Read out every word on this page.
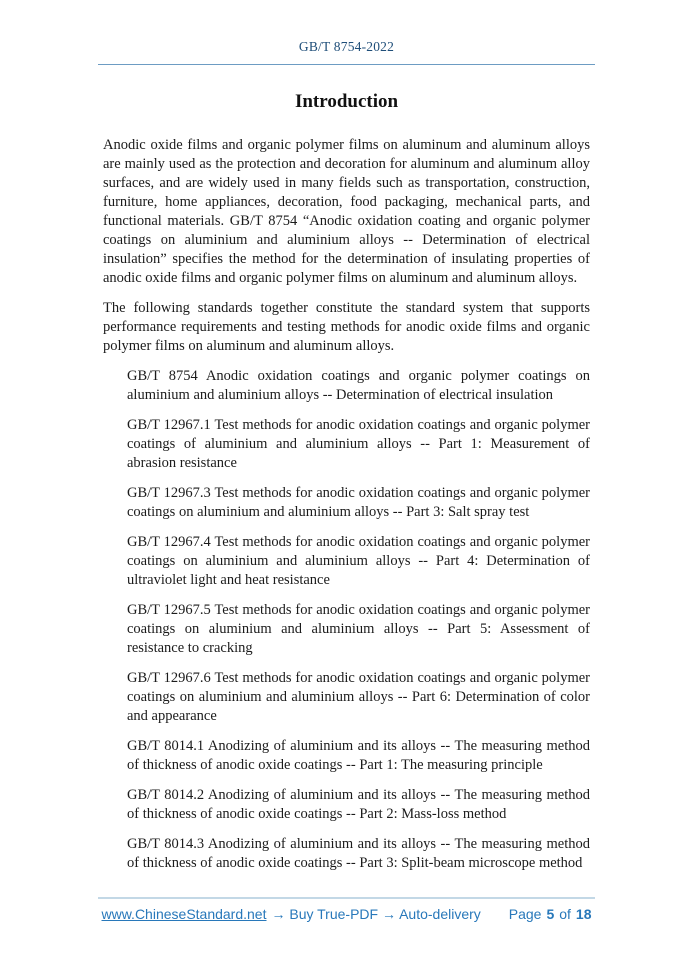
GB/T 8754-2022
Introduction

Anodic oxide films and organic polymer films on aluminum and aluminum alloys are mainly used as the protection and decoration for aluminum and aluminum alloy surfaces, and are widely used in many fields such as transportation, construction, furniture, home appliances, decoration, food packaging, mechanical parts, and functional materials. GB/T 8754 “Anodic oxidation coating and organic polymer coatings on aluminium and aluminium alloys -- Determination of electrical insulation” specifies the method for the determination of insulating properties of anodic oxide films and organic polymer films on aluminum and aluminum alloys.

The following standards together constitute the standard system that supports performance requirements and testing methods for anodic oxide films and organic polymer films on aluminum and aluminum alloys.

GB/T 8754 Anodic oxidation coatings and organic polymer coatings on aluminium and aluminium alloys -- Determination of electrical insulation

GB/T 12967.1 Test methods for anodic oxidation coatings and organic polymer coatings of aluminium and aluminium alloys -- Part 1: Measurement of abrasion resistance

GB/T 12967.3 Test methods for anodic oxidation coatings and organic polymer coatings on aluminium and aluminium alloys -- Part 3: Salt spray test

GB/T 12967.4 Test methods for anodic oxidation coatings and organic polymer coatings on aluminium and aluminium alloys -- Part 4: Determination of ultraviolet light and heat resistance

GB/T 12967.5 Test methods for anodic oxidation coatings and organic polymer coatings on aluminium and aluminium alloys -- Part 5: Assessment of resistance to cracking

GB/T 12967.6 Test methods for anodic oxidation coatings and organic polymer coatings on aluminium and aluminium alloys -- Part 6: Determination of color and appearance

GB/T 8014.1 Anodizing of aluminium and its alloys -- The measuring method of thickness of anodic oxide coatings -- Part 1: The measuring principle

GB/T 8014.2 Anodizing of aluminium and its alloys -- The measuring method of thickness of anodic oxide coatings -- Part 2: Mass-loss method

GB/T 8014.3 Anodizing of aluminium and its alloys -- The measuring method of thickness of anodic oxide coatings -- Part 3: Split-beam microscope method

www.ChineseStandard.net → Buy True-PDF → Auto-delivery Page 5 of 18
